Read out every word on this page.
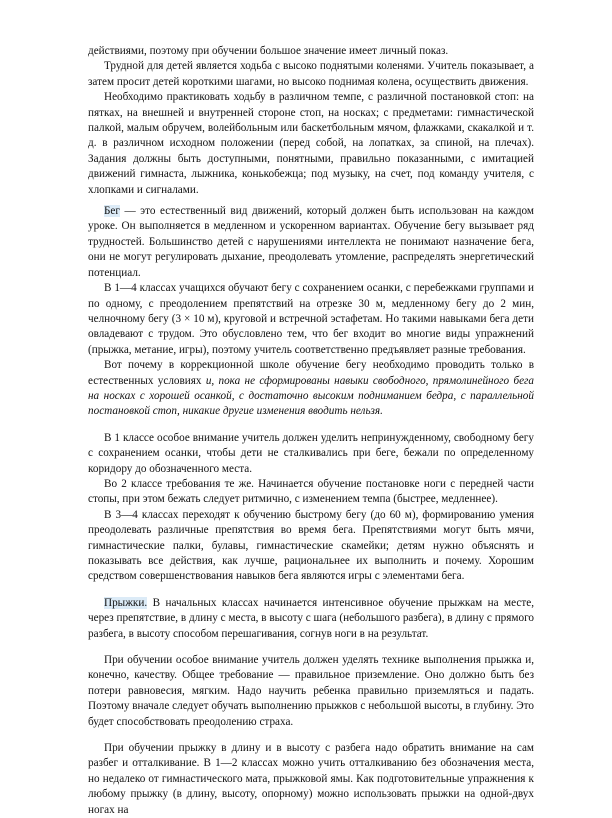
действиями, поэтому при обучении большое значение имеет личный показ.

Трудной для детей является ходьба с высоко поднятыми коленями. Учитель показывает, а затем просит детей короткими шагами, но высоко поднимая колена, осуществить движения.

Необходимо практиковать ходьбу в различном темпе, с различной постановкой стоп: на пятках, на внешней и внутренней стороне стоп, на носках; с предметами: гимнастической палкой, малым обручем, волейбольным или баскетбольным мячом, флажками, скакалкой и т. д. в различном исходном положении (перед собой, на лопатках, за спиной, на плечах). Задания должны быть доступными, понятными, правильно показанными, с имитацией движений гимнаста, лыжника, конькобежца; под музыку, на счет, под команду учителя, с хлопками и сигналами.

Бег — это естественный вид движений, который должен быть использован на каждом уроке. Он выполняется в медленном и ускоренном вариантах. Обучение бегу вызывает ряд трудностей. Большинство детей с нарушениями интеллекта не понимают назначение бега, они не могут регулировать дыхание, преодолевать утомление, распределять энергетический потенциал.

В 1—4 классах учащихся обучают бегу с сохранением осанки, с перебежками группами и по одному, с преодолением препятствий на отрезке 30 м, медленному бегу до 2 мин, челночному бегу (3 × 10 м), круговой и встречной эстафетам. Но такими навыками бега дети овладевают с трудом. Это обусловлено тем, что бег входит во многие виды упражнений (прыжка, метание, игры), поэтому учитель соответственно предъявляет разные требования.

Вот почему в коррекционной школе обучение бегу необходимо проводить только в естественных условиях и, пока не сформированы навыки свободного, прямолинейного бега на носках с хорошей осанкой, с достаточно высоким подниманием бедра, с параллельной постановкой стоп, никакие другие изменения вводить нельзя.

В 1 классе особое внимание учитель должен уделить непринужденному, свободному бегу с сохранением осанки, чтобы дети не сталкивались при беге, бежали по определенному коридору до обозначенного места.

Во 2 классе требования те же. Начинается обучение постановке ноги с передней части стопы, при этом бежать следует ритмично, с изменением темпа (быстрее, медленнее).

В 3—4 классах переходят к обучению быстрому бегу (до 60 м), формированию умения преодолевать различные препятствия во время бега. Препятствиями могут быть мячи, гимнастические палки, булавы, гимнастические скамейки; детям нужно объяснять и показывать все действия, как лучше, рациональнее их выполнить и почему. Хорошим средством совершенствования навыков бега являются игры с элементами бега.

Прыжки. В начальных классах начинается интенсивное обучение прыжкам на месте, через препятствие, в длину с места, в высоту с шага (небольшого разбега), в длину с прямого разбега, в высоту способом перешагивания, согнув ноги в на результат.

При обучении особое внимание учитель должен уделять технике выполнения прыжка и, конечно, качеству. Общее требование — правильное приземление. Оно должно быть без потери равновесия, мягким. Надо научить ребенка правильно приземляться и падать. Поэтому вначале следует обучать выполнению прыжков с небольшой высоты, в глубину. Это будет способствовать преодолению страха.

При обучении прыжку в длину и в высоту с разбега надо обратить внимание на сам разбег и отталкивание. В 1—2 классах можно учить отталкиванию без обозначения места, но недалеко от гимнастического мата, прыжковой ямы. Как подготовительные упражнения к любому прыжку (в длину, высоту, опорному) можно использовать прыжки на одной-двух ногах на
